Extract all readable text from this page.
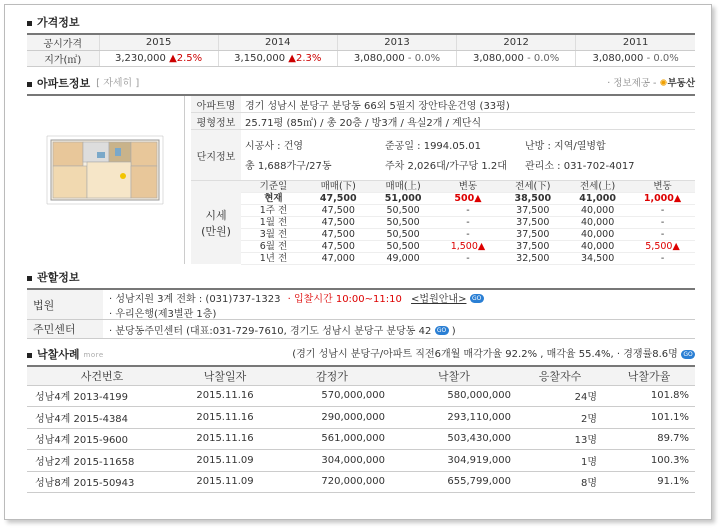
가격정보
공시가격	2015	2014	2013	2012	2011
지가(㎡)	3,230,000 ▲2.5%	3,150,000 ▲2.3%	3,080,000 - 0.0%	3,080,000 - 0.0%	3,080,000 - 0.0%
아파트정보 [ 자세히 ]	· 정보제공 - ✺부동산
아파트명 경기 성남시 분당구 분당동 66외 5필지 장안타운건영 (33평)
평형정보 25.71평 (85㎡) / 총 20층 / 방3개 / 욕실2개 / 계단식
단지정보
시공사 : 건영	준공일 : 1994.05.01	난방 : 지역/열병합
총 1,688가구/27동	주차 2,026대/가구당 1.2대 관리소 : 031-702-4017
시세
(만원)
기준일	매매(下)	매매(上)	변동	전세(下)	전세(上)	변동
현재	47,500	51,000	500▲	38,500	41,000	1,000▲
1주 전	47,500	50,500	-	37,500	40,000	-
1월 전	47,500	50,500	-	37,500	40,000	-
3월 전	47,500	50,500	-	37,500	40,000	-
6월 전	47,500	50,500	1,500▲	37,500	40,000	5,500▲
1년 전	47,000	49,000	-	32,500	34,500	-
관할정보
법원	· 성남지원 3계 전화 : (031)737-1323 · 입찰시간 10:00~11:10 <법원안내> GO
· 우리은행(제3별관 1층)
주민센터	· 분당동주민센터 (대표:031-729-7610, 경기도 성남시 분당구 분당동 42 GO )
낙찰사례 more	(경기 성남시 분당구/아파트 직전6개월 매각가율 92.2% , 매각율 55.4%, · 경쟁률8.6명 GO
사건번호	낙찰일자	감정가	낙찰가	응찰자수	낙찰가율
성남4계 2013-4199	2015.11.16	570,000,000	580,000,000	24명	101.8%
성남4계 2015-4384	2015.11.16	290,000,000	293,110,000	2명	101.1%
성남4계 2015-9600	2015.11.16	561,000,000	503,430,000	13명	89.7%
성남2계 2015-11658	2015.11.09	304,000,000	304,919,000	1명	100.3%
성남8계 2015-50943	2015.11.09	720,000,000	655,799,000	8명	91.1%
